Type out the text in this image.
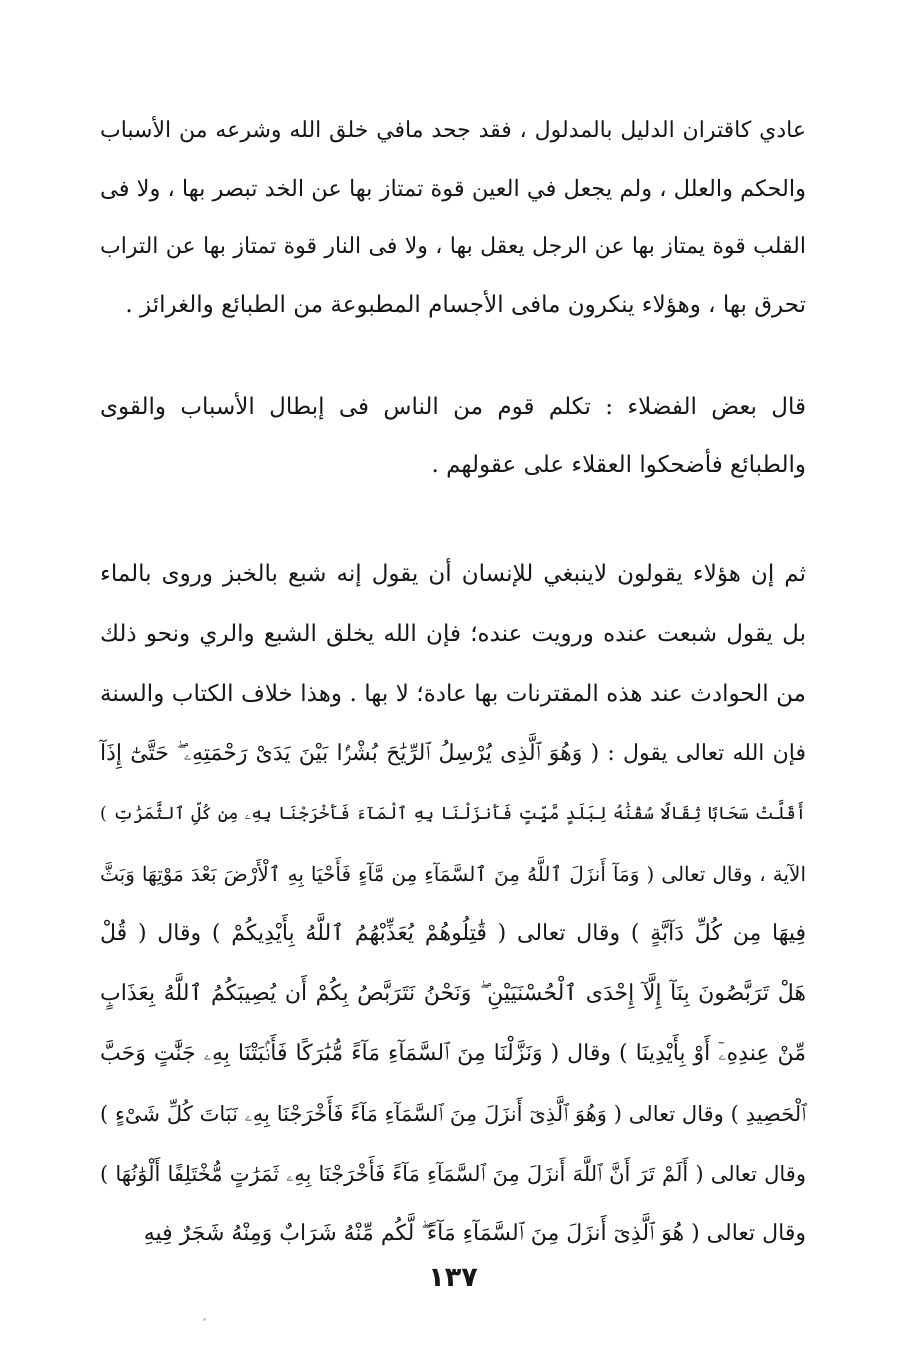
عادي كاقتران الدليل بالمدلول ، فقد جحد مافي خلق الله وشرعه من الأسباب
والحكم والعلل ، ولم يجعل في العين قوة تمتاز بها عن الخد تبصر بها ، ولا فى
القلب قوة يمتاز بها عن الرجل يعقل بها ، ولا فى النار قوة تمتاز بها عن التراب
تحرق بها ، وهؤلاء ينكرون مافى الأجسام المطبوعة من الطبائع والغرائز .
قال بعض الفضلاء : تكلم قوم من الناس فى إبطال الأسباب والقوى
والطبائع فأضحكوا العقلاء على عقولهم .
ثم إن هؤلاء يقولون لاينبغي للإنسان أن يقول إنه شبع بالخبز وروى بالماء
بل يقول شبعت عنده ورويت عنده؛ فإن الله يخلق الشبع والري ونحو ذلك
من الحوادث عند هذه المقترنات بها عادة؛ لا بها . وهذا خلاف الكتاب والسنة
فإن الله تعالى يقول : ( وَهُوَ ٱلَّذِى يُرْسِلُ ٱلرِّيَٰحَ بُشْرًۢا بَيْنَ يَدَىْ رَحْمَتِهِۦ ۖ حَتَّىٰٓ إِذَآ
أَقَلَّتْ سَحَابًا ثِقَالًا سُقْنَٰهُ لِبَلَدٍ مَّيِّتٍ فَأَنزَلْنَا بِهِ ٱلْمَآءَ فَأَخْرَجْنَا بِهِۦ مِن كُلِّ ٱلثَّمَرَٰتِ )
الآية ، وقال تعالى ( وَمَآ أَنزَلَ ٱللَّهُ مِنَ ٱلسَّمَآءِ مِن مَّآءٍ فَأَحْيَا بِهِ ٱلْأَرْضَ بَعْدَ مَوْتِهَا وَبَثَّ
فِيهَا مِن كُلِّ دَآبَّةٍ ) وقال تعالى ( قَٰتِلُوهُمْ يُعَذِّبْهُمُ ٱللَّهُ بِأَيْدِيكُمْ ) وقال ( قُلْ
هَلْ تَرَبَّصُونَ بِنَآ إِلَّآ إِحْدَى ٱلْحُسْنَيَيْنِ ۖ وَنَحْنُ نَتَرَبَّصُ بِكُمْ أَن يُصِيبَكُمُ ٱللَّهُ بِعَذَابٍ
مِّنْ عِندِهِۦٓ أَوْ بِأَيْدِينَا ) وقال ( وَنَزَّلْنَا مِنَ ٱلسَّمَآءِ مَآءً مُّبَٰرَكًا فَأَنۢبَتْنَا بِهِۦ جَنَّٰتٍ وَحَبَّ
ٱلْحَصِيدِ ) وقال تعالى ( وَهُوَ ٱلَّذِىٓ أَنزَلَ مِنَ ٱلسَّمَآءِ مَآءً فَأَخْرَجْنَا بِهِۦ نَبَاتَ كُلِّ شَىْءٍ )
وقال تعالى ( أَلَمْ تَرَ أَنَّ ٱللَّهَ أَنزَلَ مِنَ ٱلسَّمَآءِ مَآءً فَأَخْرَجْنَا بِهِۦ ثَمَرَٰتٍ مُّخْتَلِفًا أَلْوَٰنُهَا )
وقال تعالى ( هُوَ ٱلَّذِىٓ أَنزَلَ مِنَ ٱلسَّمَآءِ مَآءً ۖ لَّكُم مِّنْهُ شَرَابٌ وَمِنْهُ شَجَرٌ فِيهِ
١٣٧
